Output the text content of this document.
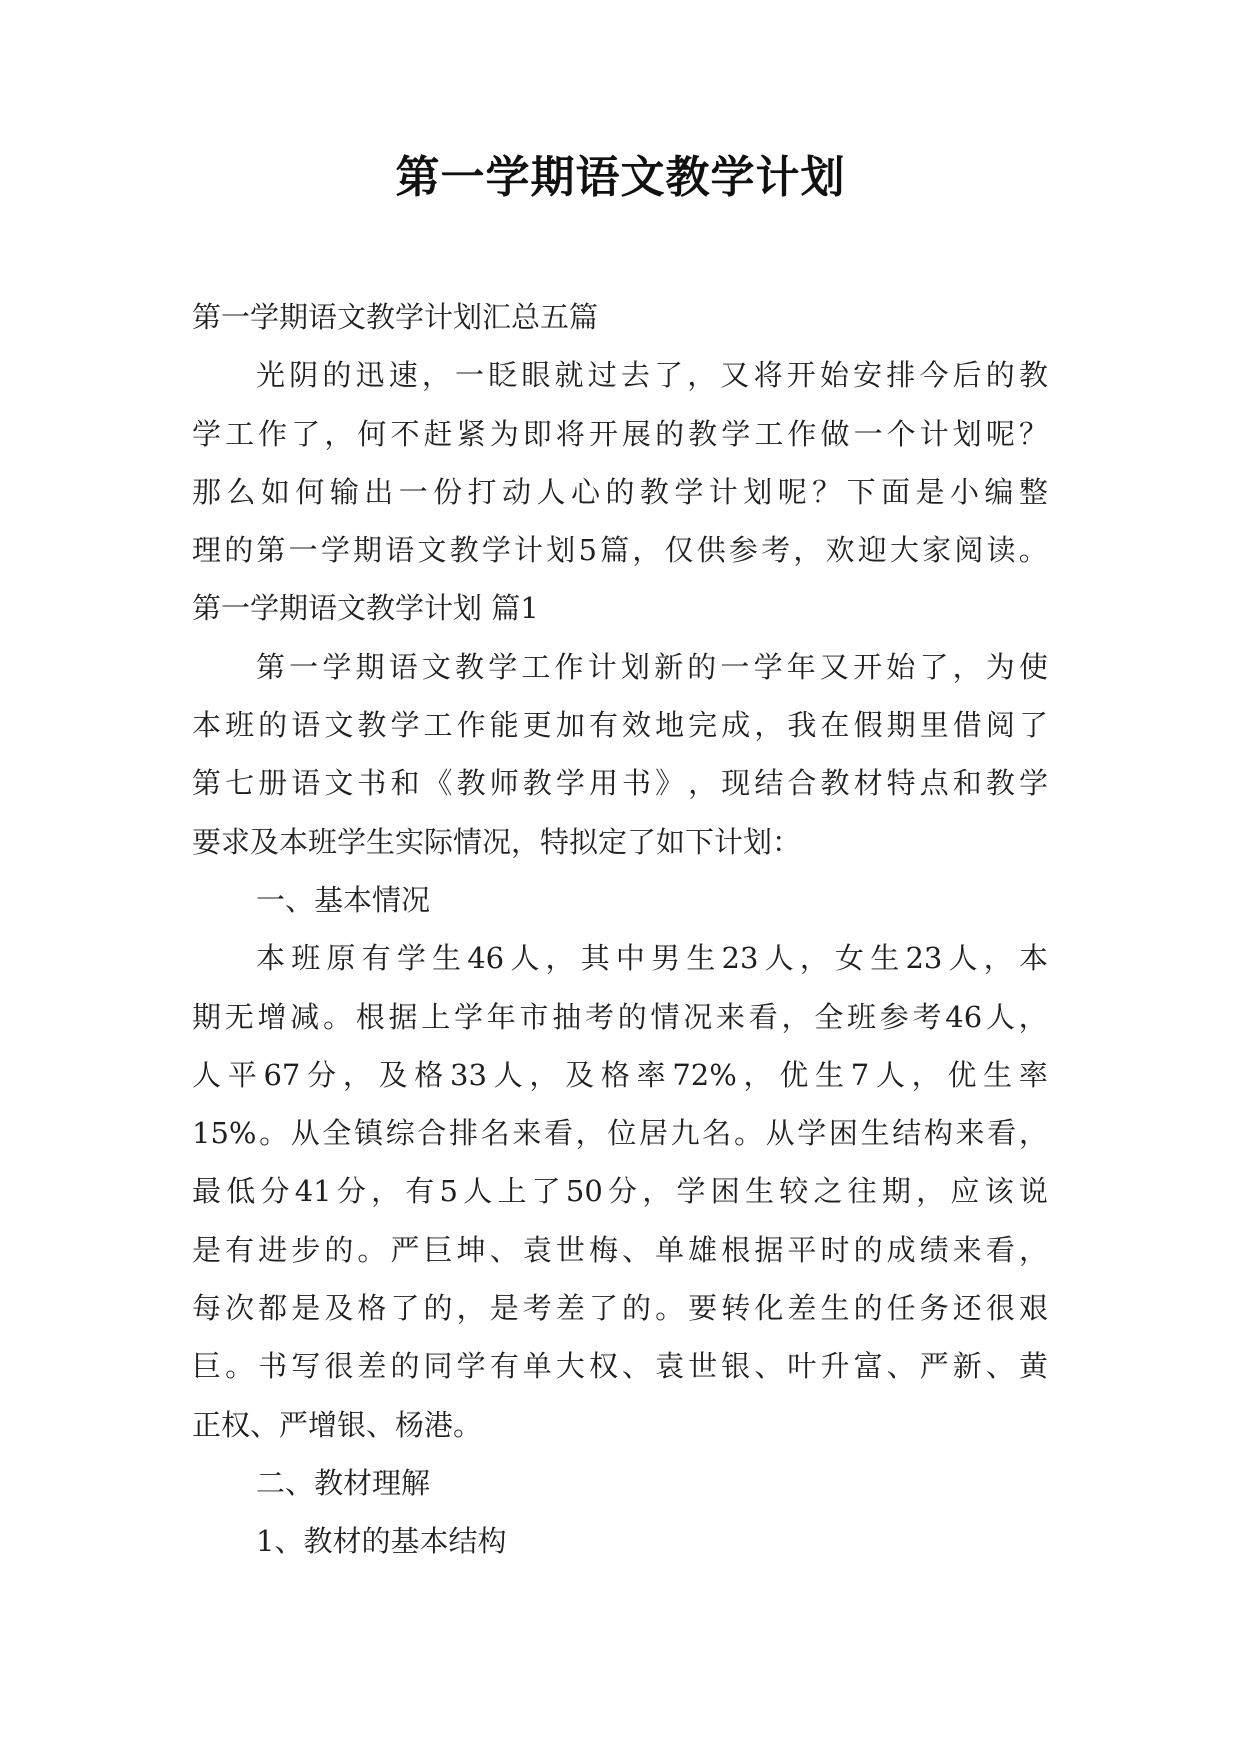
第一学期语文教学计划
第一学期语文教学计划汇总五篇
光 阴 的 迅 速 ， 一 眨 眼 就 过 去 了 ， 又 将 开 始 安 排 今 后 的 教
学 工 作 了 ， 何 不 赶 紧 为 即 将 开 展 的 教 学 工 作 做 一 个 计 划 呢 ？
那 么 如 何 输 出 一 份 打 动 人 心 的 教 学 计 划 呢 ？ 下 面 是 小 编 整
理 的 第 一 学 期 语 文 教 学 计 划 5 篇 ， 仅 供 参 考 ， 欢 迎 大 家 阅 读 。
第一学期语文教学计划 篇1
第 一 学 期 语 文 教 学 工 作 计 划 新 的 一 学 年 又 开 始 了 ， 为 使
本 班 的 语 文 教 学 工 作 能 更 加 有 效 地 完 成 ， 我 在 假 期 里 借 阅 了
第 七 册 语 文 书 和 《 教 师 教 学 用 书 》 ， 现 结 合 教 材 特 点 和 教 学
要求及本班学生实际情况，特拟定了如下计划：
一、基本情况
本 班 原 有 学 生 46 人 ， 其 中 男 生 23 人 ， 女 生 23 人 ， 本
期 无 增 减 。 根 据 上 学 年 市 抽 考 的 情 况 来 看 ， 全 班 参 考 46 人 ，
人 平 67 分 ， 及 格 33 人 ， 及 格 率 72% ， 优 生 7 人 ， 优 生 率
15% 。 从 全 镇 综 合 排 名 来 看 ， 位 居 九 名 。 从 学 困 生 结 构 来 看 ，
最 低 分 41 分 ， 有 5 人 上 了 50 分 ， 学 困 生 较 之 往 期 ， 应 该 说
是 有 进 步 的 。 严 巨 坤 、 袁 世 梅 、 单 雄 根 据 平 时 的 成 绩 来 看 ，
每 次 都 是 及 格 了 的 ， 是 考 差 了 的 。 要 转 化 差 生 的 任 务 还 很 艰
巨 。 书 写 很 差 的 同 学 有 单 大 权 、 袁 世 银 、 叶 升 富 、 严 新 、 黄
正权、严增银、杨港。
二、教材理解
1、教材的基本结构
